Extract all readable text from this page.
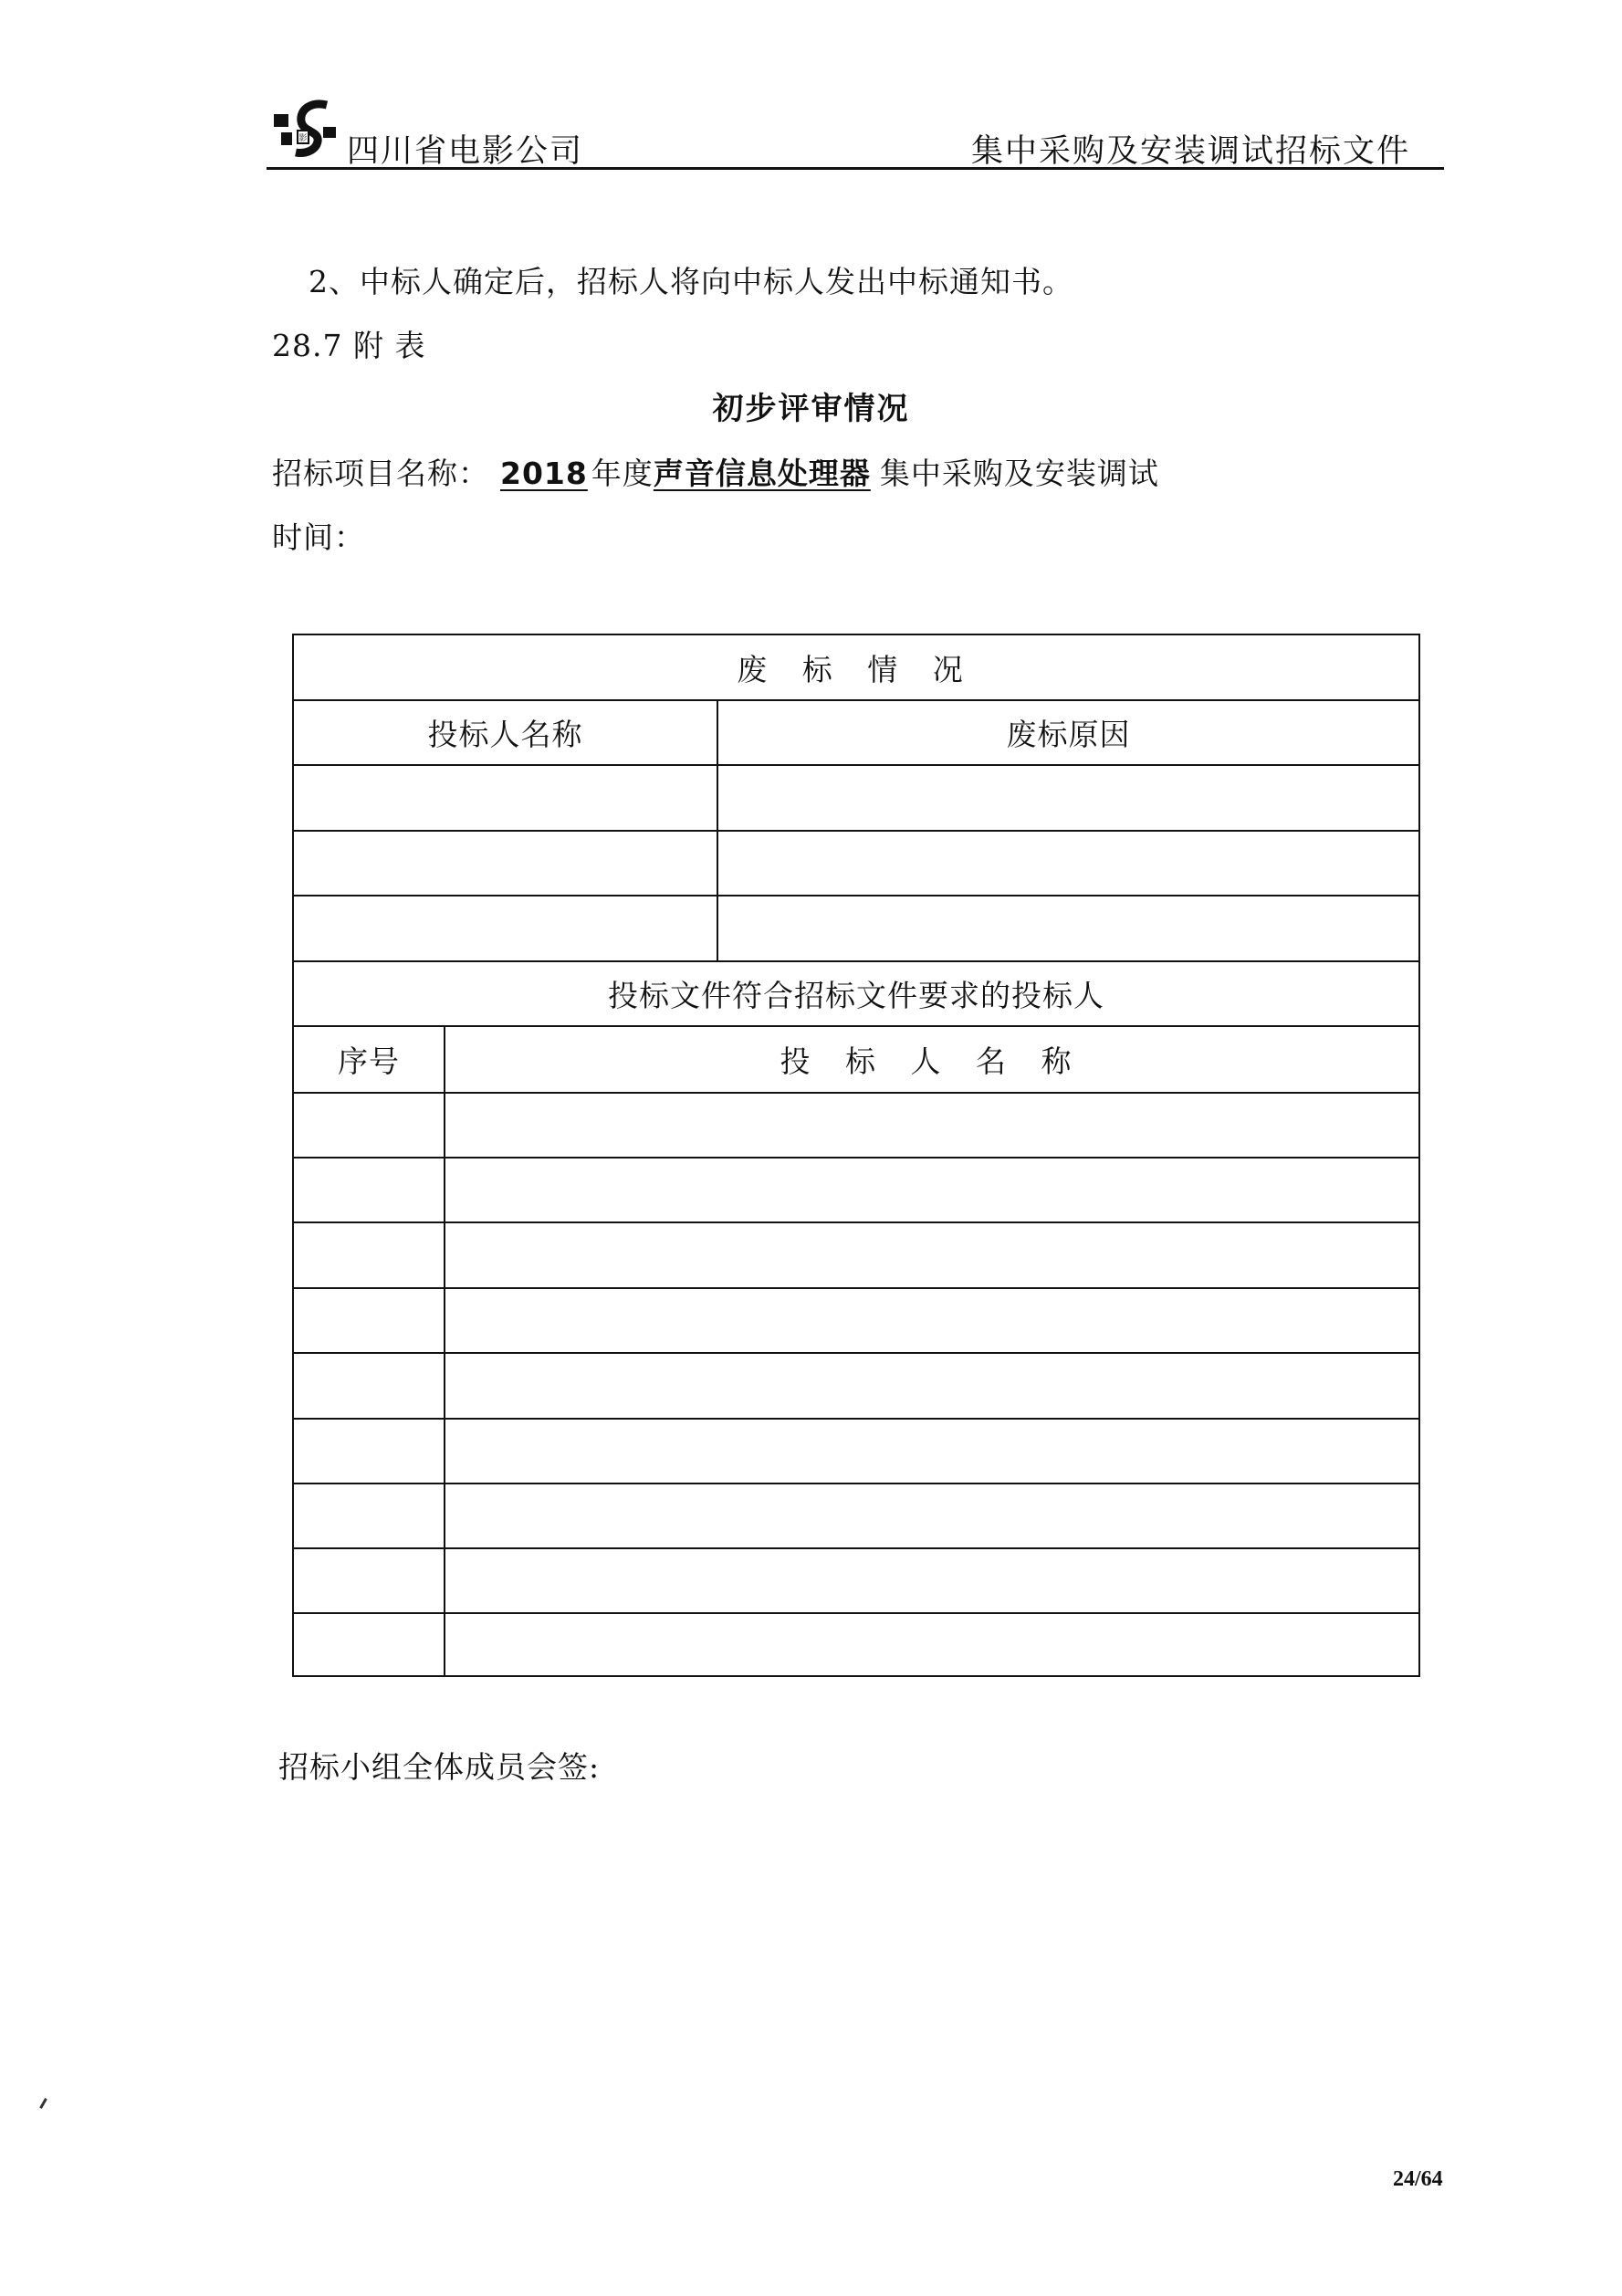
影 四川省电影公司	集中采购及安装调试招标文件
2、中标人确定后，招标人将向中标人发出中标通知书。
28.7 附 表
初步评审情况
招标项目名称： 2018 年度声音信息处理器 集中采购及安装调试
时间：
废 标 情 况
投标人名称	废标原因
投标文件符合招标文件要求的投标人
序号	投 标 人 名 称
招标小组全体成员会签:
24/64
